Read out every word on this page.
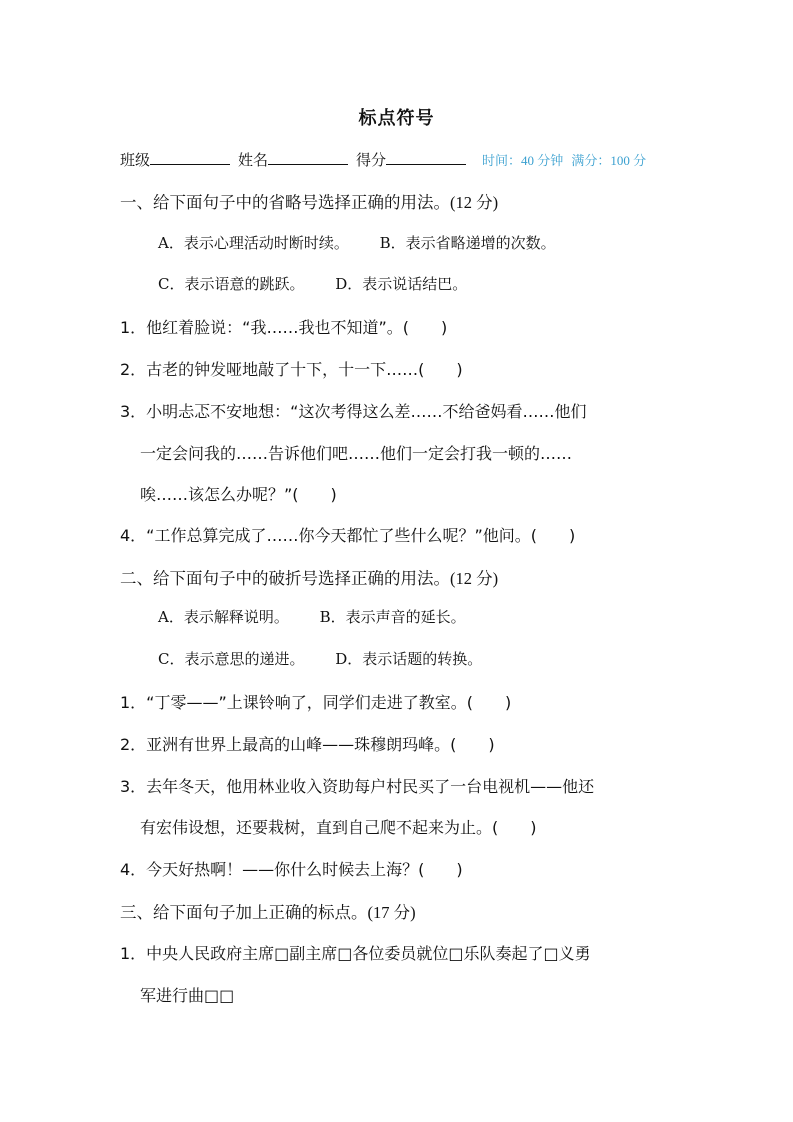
标点符号
班级	姓名	得分	时间：40 分钟 满分：100 分
一、给下面句子中的省略号选择正确的用法。(12 分)
A．表示心理活动时断时续。 B．表示省略递增的次数。
C．表示语意的跳跃。 D．表示说话结巴。
1．他红着脸说：“我……我也不知道”。(　　)
2．古老的钟发哑地敲了十下，十一下……(　　)
3．小明忐忑不安地想：“这次考得这么差……不给爸妈看……他们
一定会问我的……告诉他们吧……他们一定会打我一顿的……
唉……该怎么办呢？”(　　)
4．“工作总算完成了……你今天都忙了些什么呢？”他问。(　　)
二、给下面句子中的破折号选择正确的用法。(12 分)
A．表示解释说明。 B．表示声音的延长。
C．表示意思的递进。 D．表示话题的转换。
1．“丁零——”上课铃响了，同学们走进了教室。(　　)
2．亚洲有世界上最高的山峰——珠穆朗玛峰。(　　)
3．去年冬天，他用林业收入资助每户村民买了一台电视机——他还
有宏伟设想，还要栽树，直到自己爬不起来为止。(　　)
4．今天好热啊！——你什么时候去上海？(　　)
三、给下面句子加上正确的标点。(17 分)
1．中央人民政府主席□副主席□各位委员就位□乐队奏起了□义勇
军进行曲□□
